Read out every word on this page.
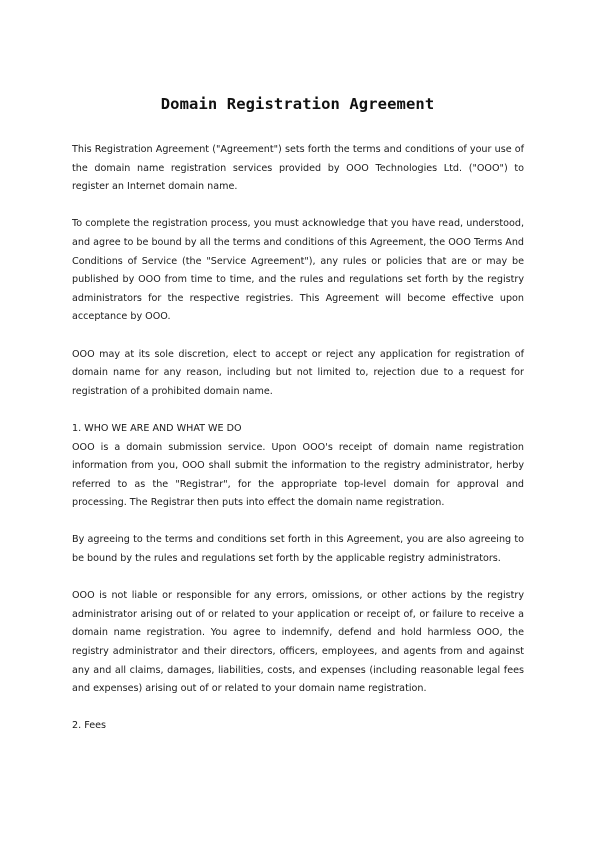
Domain Registration Agreement

This Registration Agreement ("Agreement") sets forth the terms and conditions of your use of the domain name registration services provided by OOO Technologies Ltd. ("OOO") to register an Internet domain name.

To complete the registration process, you must acknowledge that you have read, understood, and agree to be bound by all the terms and conditions of this Agreement, the OOO Terms And Conditions of Service (the "Service Agreement"), any rules or policies that are or may be published by OOO from time to time, and the rules and regulations set forth by the registry administrators for the respective registries. This Agreement will become effective upon acceptance by OOO.

OOO may at its sole discretion, elect to accept or reject any application for registration of domain name for any reason, including but not limited to, rejection due to a request for registration of a prohibited domain name.

1. WHO WE ARE AND WHAT WE DO

OOO is a domain submission service. Upon OOO's receipt of domain name registration information from you, OOO shall submit the information to the registry administrator, herby referred to as the "Registrar", for the appropriate top-level domain for approval and processing. The Registrar then puts into effect the domain name registration.

By agreeing to the terms and conditions set forth in this Agreement, you are also agreeing to be bound by the rules and regulations set forth by the applicable registry administrators.

OOO is not liable or responsible for any errors, omissions, or other actions by the registry administrator arising out of or related to your application or receipt of, or failure to receive a domain name registration. You agree to indemnify, defend and hold harmless OOO, the registry administrator and their directors, officers, employees, and agents from and against any and all claims, damages, liabilities, costs, and expenses (including reasonable legal fees and expenses) arising out of or related to your domain name registration.

2. Fees
